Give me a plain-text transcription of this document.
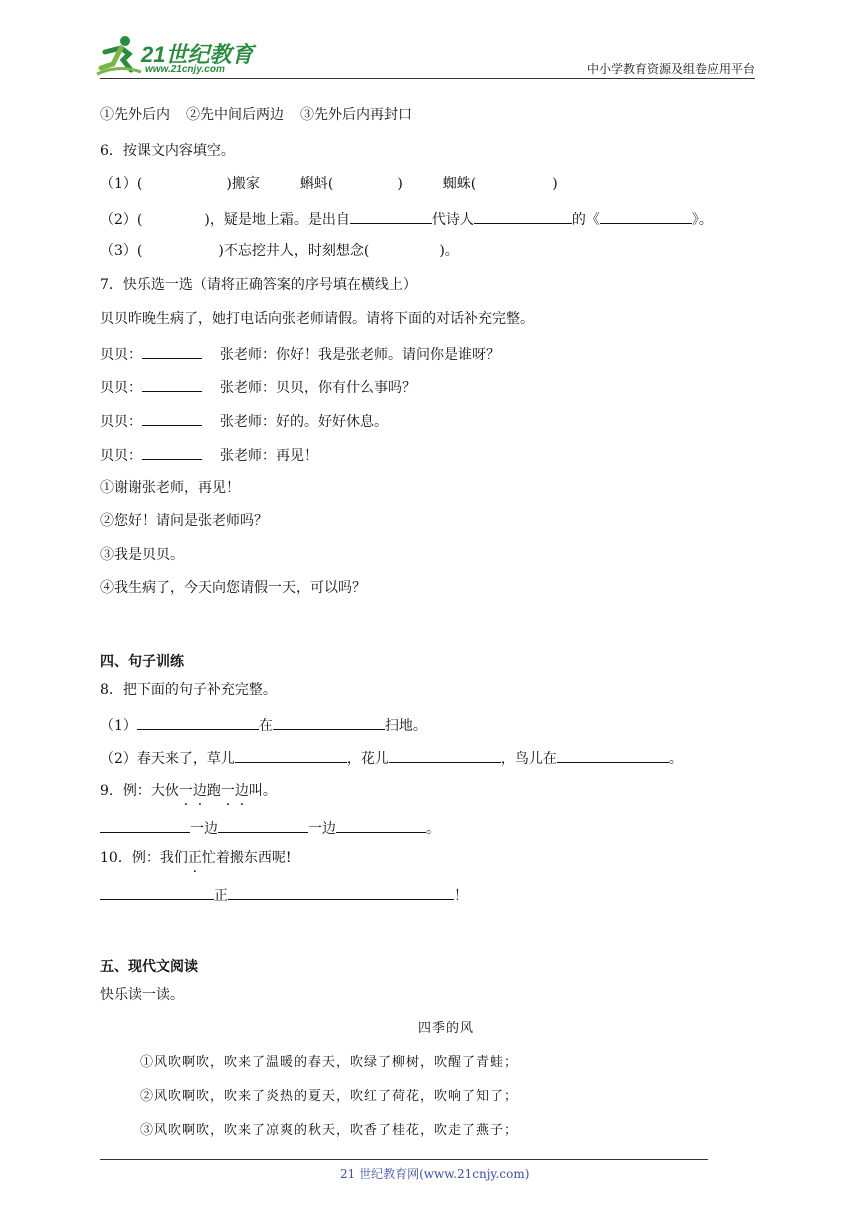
21世纪教育
www.21cnjy.com	中小学教育资源及组卷应用平台
①先外后内 ②先中间后两边 ③先外后内再封口
6．按课文内容填空。
（1）(	)搬家	蝌蚪(	)	蜘蛛(	)
（2）(	)，疑是地上霜。是出自	代诗人	的《	》。
（3）(	)不忘挖井人，时刻想念(	)。
7．快乐选一选（请将正确答案的序号填在横线上）
贝贝昨晚生病了，她打电话向张老师请假。请将下面的对话补充完整。
贝贝：	张老师：你好！我是张老师。请问你是谁呀？
贝贝：	张老师：贝贝，你有什么事吗？
贝贝：	张老师：好的。好好休息。
贝贝：	张老师：再见！
①谢谢张老师，再见！
②您好！请问是张老师吗？
③我是贝贝。
④我生病了，今天向您请假一天，可以吗？
四、句子训练
8．把下面的句子补充完整。
（1）	在	扫地。
（2）春天来了，草儿	，花儿	，鸟儿在	。
9．例：大伙一边跑一边叫。
一边	一边	。
10．例：我们正忙着搬东西呢!
正	！
五、现代文阅读
快乐读一读。
四季的风
①风吹啊吹，吹来了温暖的春天，吹绿了柳树，吹醒了青蛙；
②风吹啊吹，吹来了炎热的夏天，吹红了荷花，吹响了知了；
③风吹啊吹，吹来了凉爽的秋天，吹香了桂花，吹走了燕子；
21 世纪教育网(www.21cnjy.com)
